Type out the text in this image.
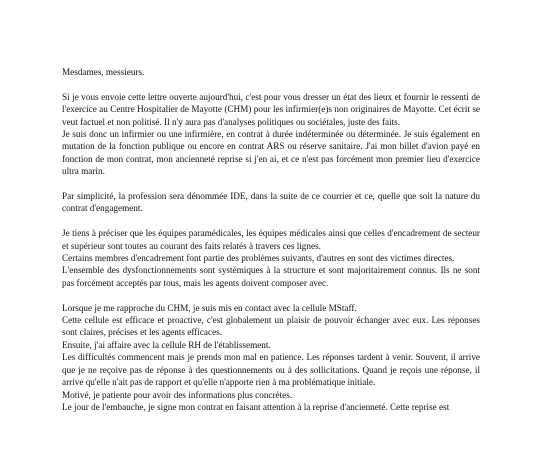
Mesdames, messieurs.

Si je vous envoie cette lettre ouverte aujourd'hui, c'est pour vous dresser un état des lieux et fournir le ressenti de l'exercice au Centre Hospitalier de Mayotte (CHM) pour les infirmier(e)s non originaires de Mayotte. Cet écrit se veut factuel et non politisé. Il n'y aura pas d'analyses politiques ou sociétales, juste des faits.

Je suis donc un infirmier ou une infirmière, en contrat à durée indéterminée ou déterminée. Je suis également en mutation de la fonction publique ou encore en contrat ARS ou réserve sanitaire. J'ai mon billet d'avion payé en fonction de mon contrat, mon ancienneté reprise si j'en ai, et ce n'est pas forcément mon premier lieu d'exercice ultra marin.

Par simplicité, la profession sera dénommée IDE, dans la suite de ce courrier et ce, quelle que soit la nature du contrat d'engagement.

Je tiens à préciser que les équipes paramédicales, les équipes médicales ainsi que celles d'encadrement de secteur et supérieur sont toutes au courant des faits relatés à travers ces lignes.

Certains membres d'encadrement font partie des problèmes suivants, d'autres en sont des victimes directes.

L'ensemble des dysfonctionnements sont systémiques à la structure et sont majoritairement connus. Ils ne sont pas forcément acceptés par tous, mais les agents doivent composer avec.

Lorsque je me rapproche du CHM, je suis mis en contact avec la cellule MStaff.

Cette cellule est efficace et proactive, c'est globalement un plaisir de pouvoir échanger avec eux. Les réponses sont claires, précises et les agents efficaces.

Ensuite, j'ai affaire avec la cellule RH de l'établissement.

Les difficultés commencent mais je prends mon mal en patience. Les réponses tardent à venir. Souvent, il arrive que je ne reçoive pas de réponse à des questionnements ou à des sollicitations. Quand je reçois une réponse, il arrive qu'elle n'ait pas de rapport et qu'elle n'apporte rien à ma problématique initiale.

Motivé, je patiente pour avoir des informations plus concrètes.

Le jour de l'embauche, je signe mon contrat en faisant attention à la reprise d'ancienneté. Cette reprise est
